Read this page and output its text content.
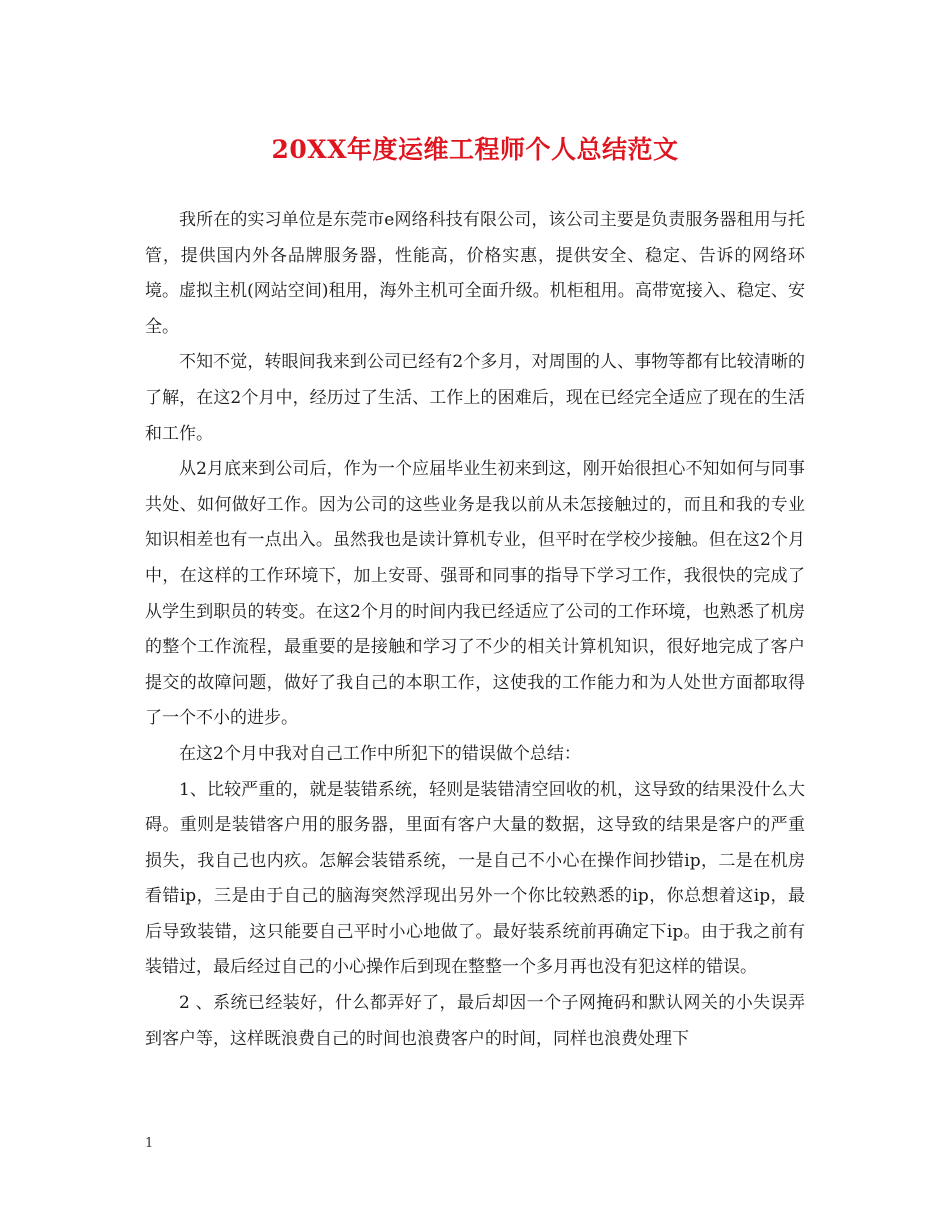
20XX年度运维工程师个人总结范文

我所在的实习单位是东莞市e网络科技有限公司，该公司主要是负责服务器租用与托管，提供国内外各品牌服务器，性能高，价格实惠，提供安全、稳定、告诉的网络环境。虚拟主机(网站空间)租用，海外主机可全面升级。机柜租用。高带宽接入、稳定、安全。

不知不觉，转眼间我来到公司已经有2个多月，对周围的人、事物等都有比较清晰的了解，在这2个月中，经历过了生活、工作上的困难后，现在已经完全适应了现在的生活和工作。

从2月底来到公司后，作为一个应届毕业生初来到这，刚开始很担心不知如何与同事共处、如何做好工作。因为公司的这些业务是我以前从未怎接触过的，而且和我的专业知识相差也有一点出入。虽然我也是读计算机专业，但平时在学校少接触。但在这2个月中，在这样的工作环境下，加上安哥、强哥和同事的指导下学习工作，我很快的完成了从学生到职员的转变。在这2个月的时间内我已经适应了公司的工作环境，也熟悉了机房的整个工作流程，最重要的是接触和学习了不少的相关计算机知识，很好地完成了客户提交的故障问题，做好了我自己的本职工作，这使我的工作能力和为人处世方面都取得了一个不小的进步。

在这2个月中我对自己工作中所犯下的错误做个总结：

1、比较严重的，就是装错系统，轻则是装错清空回收的机，这导致的结果没什么大碍。重则是装错客户用的服务器，里面有客户大量的数据，这导致的结果是客户的严重损失，我自己也内疚。怎解会装错系统，一是自己不小心在操作间抄错ip，二是在机房看错ip，三是由于自己的脑海突然浮现出另外一个你比较熟悉的ip，你总想着这ip，最后导致装错，这只能要自己平时小心地做了。最好装系统前再确定下ip。由于我之前有装错过，最后经过自己的小心操作后到现在整整一个多月再也没有犯这样的错误。

2 、系统已经装好，什么都弄好了，最后却因一个子网掩码和默认网关的小失误弄到客户等，这样既浪费自己的时间也浪费客户的时间，同样也浪费处理下

1
